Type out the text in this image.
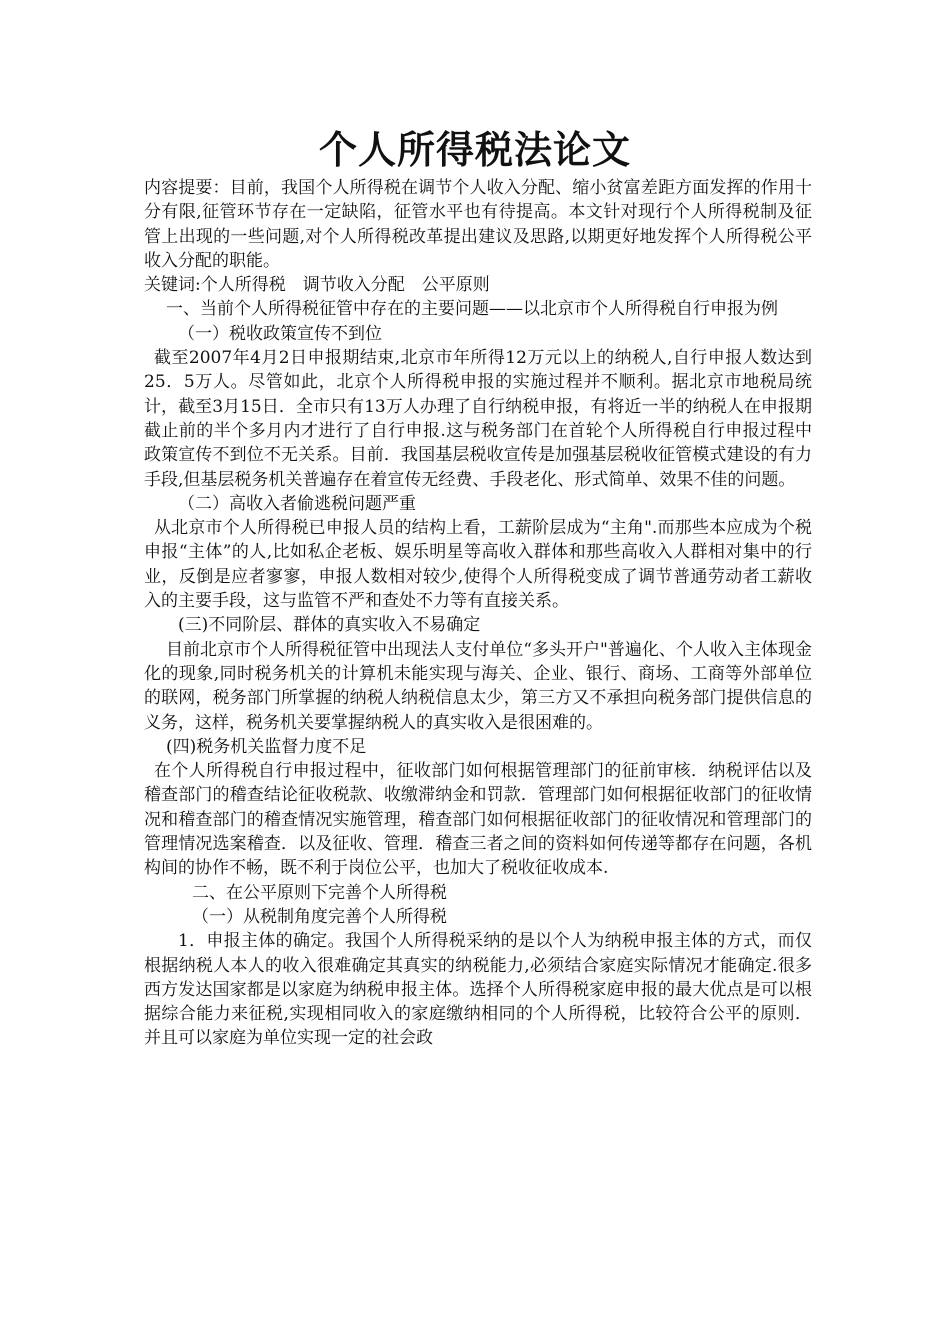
个人所得税法论文

内容提要：目前，我国个人所得税在调节个人收入分配、缩小贫富差距方面发挥的作用十分有限,征管环节存在一定缺陷，征管水平也有待提高。本文针对现行个人所得税制及征管上出现的一些问题,对个人所得税改革提出建议及思路,以期更好地发挥个人所得税公平收入分配的职能。

关键词:个人所得税　调节收入分配　公平原则

一、当前个人所得税征管中存在的主要问题——以北京市个人所得税自行申报为例

（一）税收政策宣传不到位

截至2007年4月2日申报期结束,北京市年所得12万元以上的纳税人,自行申报人数达到25．5万人。尽管如此，北京个人所得税申报的实施过程并不顺利。据北京市地税局统计，截至3月15日．全市只有13万人办理了自行纳税申报，有将近一半的纳税人在申报期截止前的半个多月内才进行了自行申报.这与税务部门在首轮个人所得税自行申报过程中政策宣传不到位不无关系。目前．我国基层税收宣传是加强基层税收征管模式建设的有力手段,但基层税务机关普遍存在着宣传无经费、手段老化、形式简单、效果不佳的问题。

（二）高收入者偷逃税问题严重

从北京市个人所得税已申报人员的结构上看，工薪阶层成为“主角".而那些本应成为个税申报“主体”的人,比如私企老板、娱乐明星等高收入群体和那些高收入人群相对集中的行业，反倒是应者寥寥，申报人数相对较少,使得个人所得税变成了调节普通劳动者工薪收入的主要手段，这与监管不严和查处不力等有直接关系。

(三)不同阶层、群体的真实收入不易确定

目前北京市个人所得税征管中出现法人支付单位“多头开户"普遍化、个人收入主体现金化的现象,同时税务机关的计算机未能实现与海关、企业、银行、商场、工商等外部单位的联网，税务部门所掌握的纳税人纳税信息太少，第三方又不承担向税务部门提供信息的义务，这样，税务机关要掌握纳税人的真实收入是很困难的。

(四)税务机关监督力度不足

在个人所得税自行申报过程中，征收部门如何根据管理部门的征前审核．纳税评估以及稽查部门的稽查结论征收税款、收缴滞纳金和罚款．管理部门如何根据征收部门的征收情况和稽查部门的稽查情况实施管理，稽查部门如何根据征收部门的征收情况和管理部门的管理情况选案稽查．以及征收、管理．稽查三者之间的资料如何传递等都存在问题，各机构间的协作不畅，既不利于岗位公平，也加大了税收征收成本.

二、在公平原则下完善个人所得税

（一）从税制角度完善个人所得税

1．申报主体的确定。我国个人所得税采纳的是以个人为纳税申报主体的方式，而仅根据纳税人本人的收入很难确定其真实的纳税能力,必须结合家庭实际情况才能确定.很多西方发达国家都是以家庭为纳税申报主体。选择个人所得税家庭申报的最大优点是可以根据综合能力来征税,实现相同收入的家庭缴纳相同的个人所得税，比较符合公平的原则．并且可以家庭为单位实现一定的社会政
